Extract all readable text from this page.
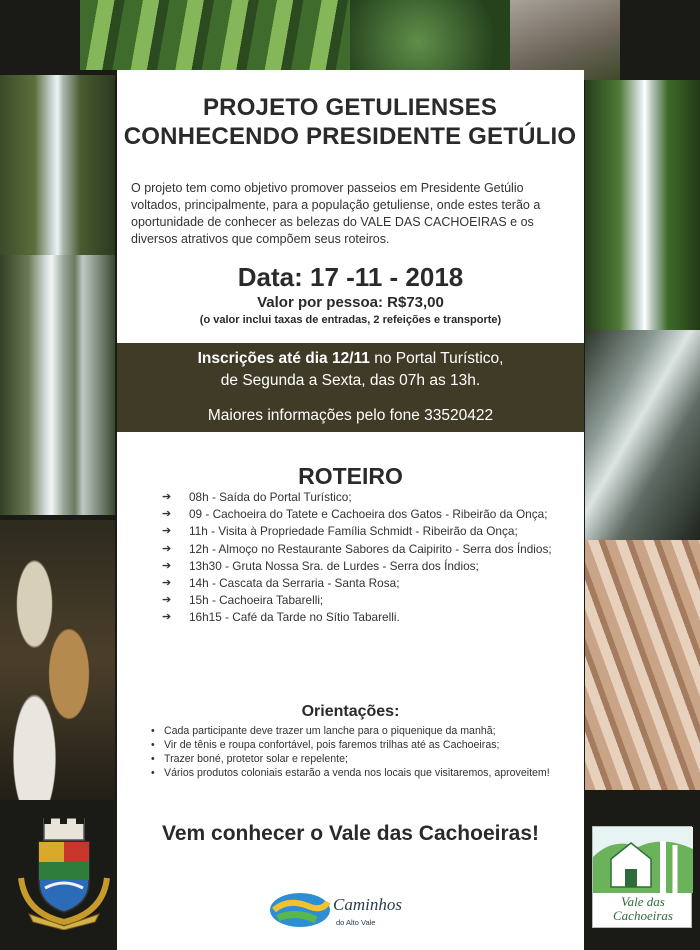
PROJETO GETULIENSES
CONHECENDO PRESIDENTE GETÚLIO

O projeto tem como objetivo promover passeios em Presidente Getúlio voltados, principalmente, para a população getuliense, onde estes terão a oportunidade de conhecer as belezas do VALE DAS CACHOEIRAS e os diversos atrativos que compõem seus roteiros.

Data: 17 -11 - 2018
Valor por pessoa: R$73,00
(o valor inclui taxas de entradas, 2 refeições e transporte)
Inscrições até dia 12/11 no Portal Turístico,
de Segunda a Sexta, das 07h as 13h.
Maiores informações pelo fone 33520422
ROTEIRO
➔ 08h - Saída do Portal Turístico;
➔ 09 - Cachoeira do Tatete e Cachoeira dos Gatos - Ribeirão da Onça;
➔ 11h - Visita à Propriedade Família Schmidt - Ribeirão da Onça;
➔ 12h - Almoço no Restaurante Sabores da Caipirito - Serra dos Índios;
➔ 13h30 - Gruta Nossa Sra. de Lurdes - Serra dos Índios;
➔ 14h - Cascata da Serraria - Santa Rosa;
➔ 15h - Cachoeira Tabarelli;
➔ 16h15 - Café da Tarde no Sítio Tabarelli.
Orientações:
• Cada participante deve trazer um lanche para o piquenique da manhã;
• Vir de tênis e roupa confortável, pois faremos trilhas até as Cachoeiras;
• Trazer boné, protetor solar e repelente;
• Vários produtos coloniais estarão a venda nos locais que visitaremos, aproveitem!
Vem conhecer o Vale das Cachoeiras!
Caminhos
do Alto Vale
Vale das
Cachoeiras
